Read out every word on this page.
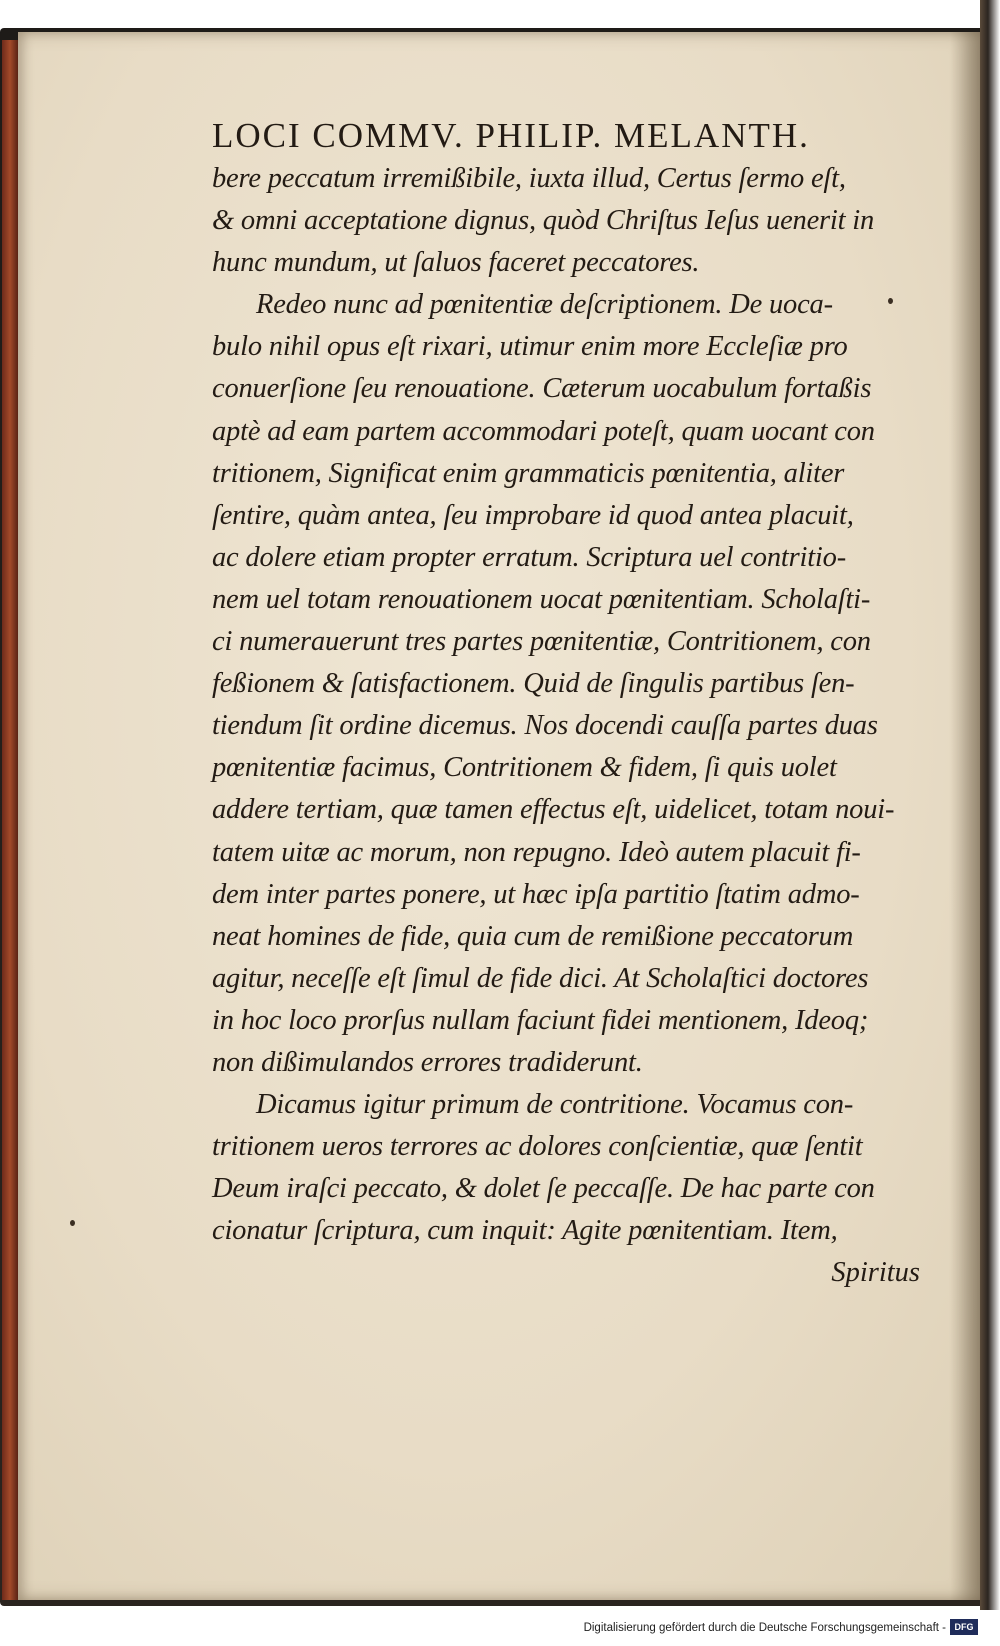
LOCI COMMV. PHILIP. MELANTH.
bere peccatum irremißibile, iuxta illud, Certus ſermo eſt,
& omni acceptatione dignus, quòd Chriſtus Ieſus uenerit in
hunc mundum, ut ſaluos faceret peccatores.
Redeo nunc ad pœnitentiæ deſcriptionem. De uoca-
bulo nihil opus eſt rixari, utimur enim more Eccleſiæ pro
conuerſione ſeu renouatione. Cæterum uocabulum fortaßis
aptè ad eam partem accommodari poteſt, quam uocant con
tritionem, Significat enim grammaticis pœnitentia, aliter
ſentire, quàm antea, ſeu improbare id quod antea placuit,
ac dolere etiam propter erratum. Scriptura uel contritio-
nem uel totam renouationem uocat pœnitentiam. Scholaſti-
ci numerauerunt tres partes pœnitentiæ, Contritionem, con
feßionem & ſatisfactionem. Quid de ſingulis partibus ſen-
tiendum ſit ordine dicemus. Nos docendi cauſſa partes duas
pœnitentiæ facimus, Contritionem & fidem, ſi quis uolet
addere tertiam, quæ tamen effectus eſt, uidelicet, totam noui-
tatem uitæ ac morum, non repugno. Ideò autem placuit fi-
dem inter partes ponere, ut hæc ipſa partitio ſtatim admo-
neat homines de fide, quia cum de remißione peccatorum
agitur, neceſſe eſt ſimul de fide dici. At Scholaſtici doctores
in hoc loco prorſus nullam faciunt fidei mentionem, Ideoq;
non dißimulandos errores tradiderunt.
Dicamus igitur primum de contritione. Vocamus con-
tritionem ueros terrores ac dolores conſcientiæ, quæ ſentit
Deum iraſci peccato, & dolet ſe peccaſſe. De hac parte con
cionatur ſcriptura, cum inquit: Agite pœnitentiam. Item,
Spiritus
Digitalisierung gefördert durch die Deutsche Forschungsgemeinschaft - DFG
